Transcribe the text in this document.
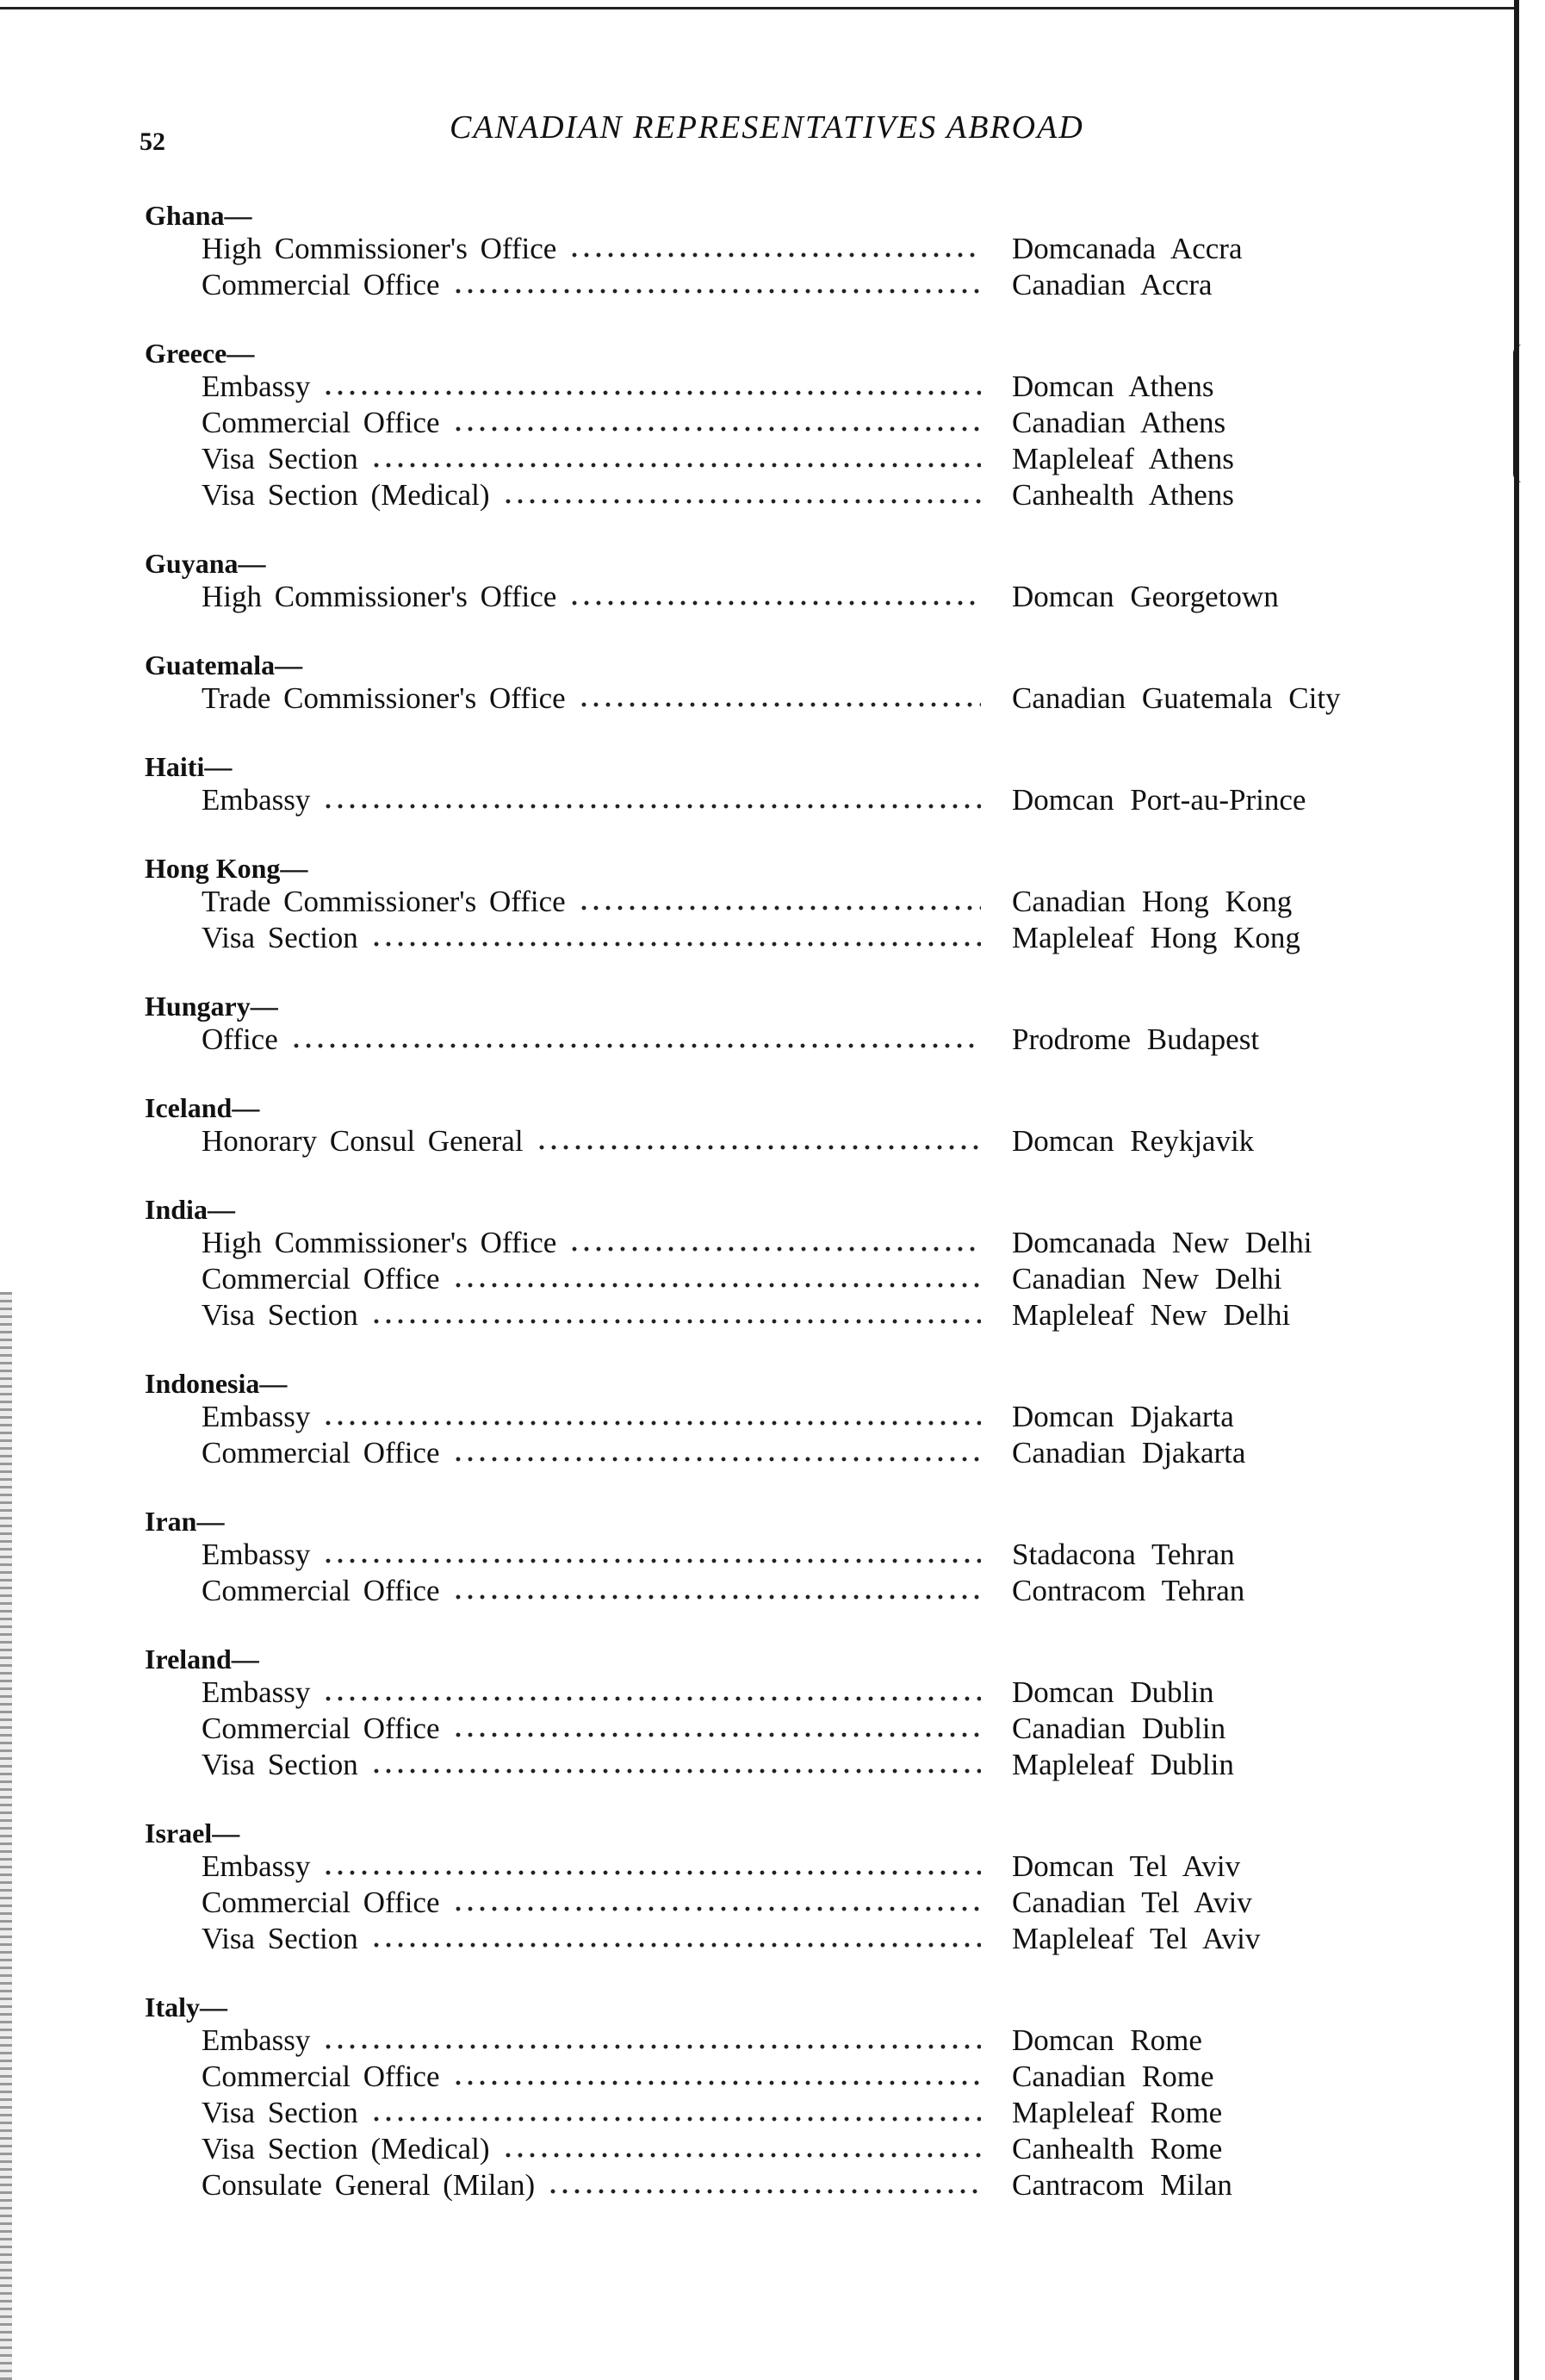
52	CANADIAN REPRESENTATIVES ABROAD
Ghana—
High Commissioner's Office	Domcanada Accra
Commercial Office	Canadian Accra
Greece—
Embassy	Domcan Athens
Commercial Office	Canadian Athens
Visa Section	Mapleleaf Athens
Visa Section (Medical)	Canhealth Athens
Guyana—
High Commissioner's Office	Domcan Georgetown
Guatemala—
Trade Commissioner's Office	Canadian Guatemala City
Haiti—
Embassy	Domcan Port-au-Prince
Hong Kong—
Trade Commissioner's Office	Canadian Hong Kong
Visa Section	Mapleleaf Hong Kong
Hungary—
Office	Prodrome Budapest
Iceland—
Honorary Consul General	Domcan Reykjavik
India—
High Commissioner's Office	Domcanada New Delhi
Commercial Office	Canadian New Delhi
Visa Section	Mapleleaf New Delhi
Indonesia—
Embassy	Domcan Djakarta
Commercial Office	Canadian Djakarta
Iran—
Embassy	Stadacona Tehran
Commercial Office	Contracom Tehran
Ireland—
Embassy	Domcan Dublin
Commercial Office	Canadian Dublin
Visa Section	Mapleleaf Dublin
Israel—
Embassy	Domcan Tel Aviv
Commercial Office	Canadian Tel Aviv
Visa Section	Mapleleaf Tel Aviv
Italy—
Embassy	Domcan Rome
Commercial Office	Canadian Rome
Visa Section	Mapleleaf Rome
Visa Section (Medical)	Canhealth Rome
Consulate General (Milan)	Cantracom Milan
